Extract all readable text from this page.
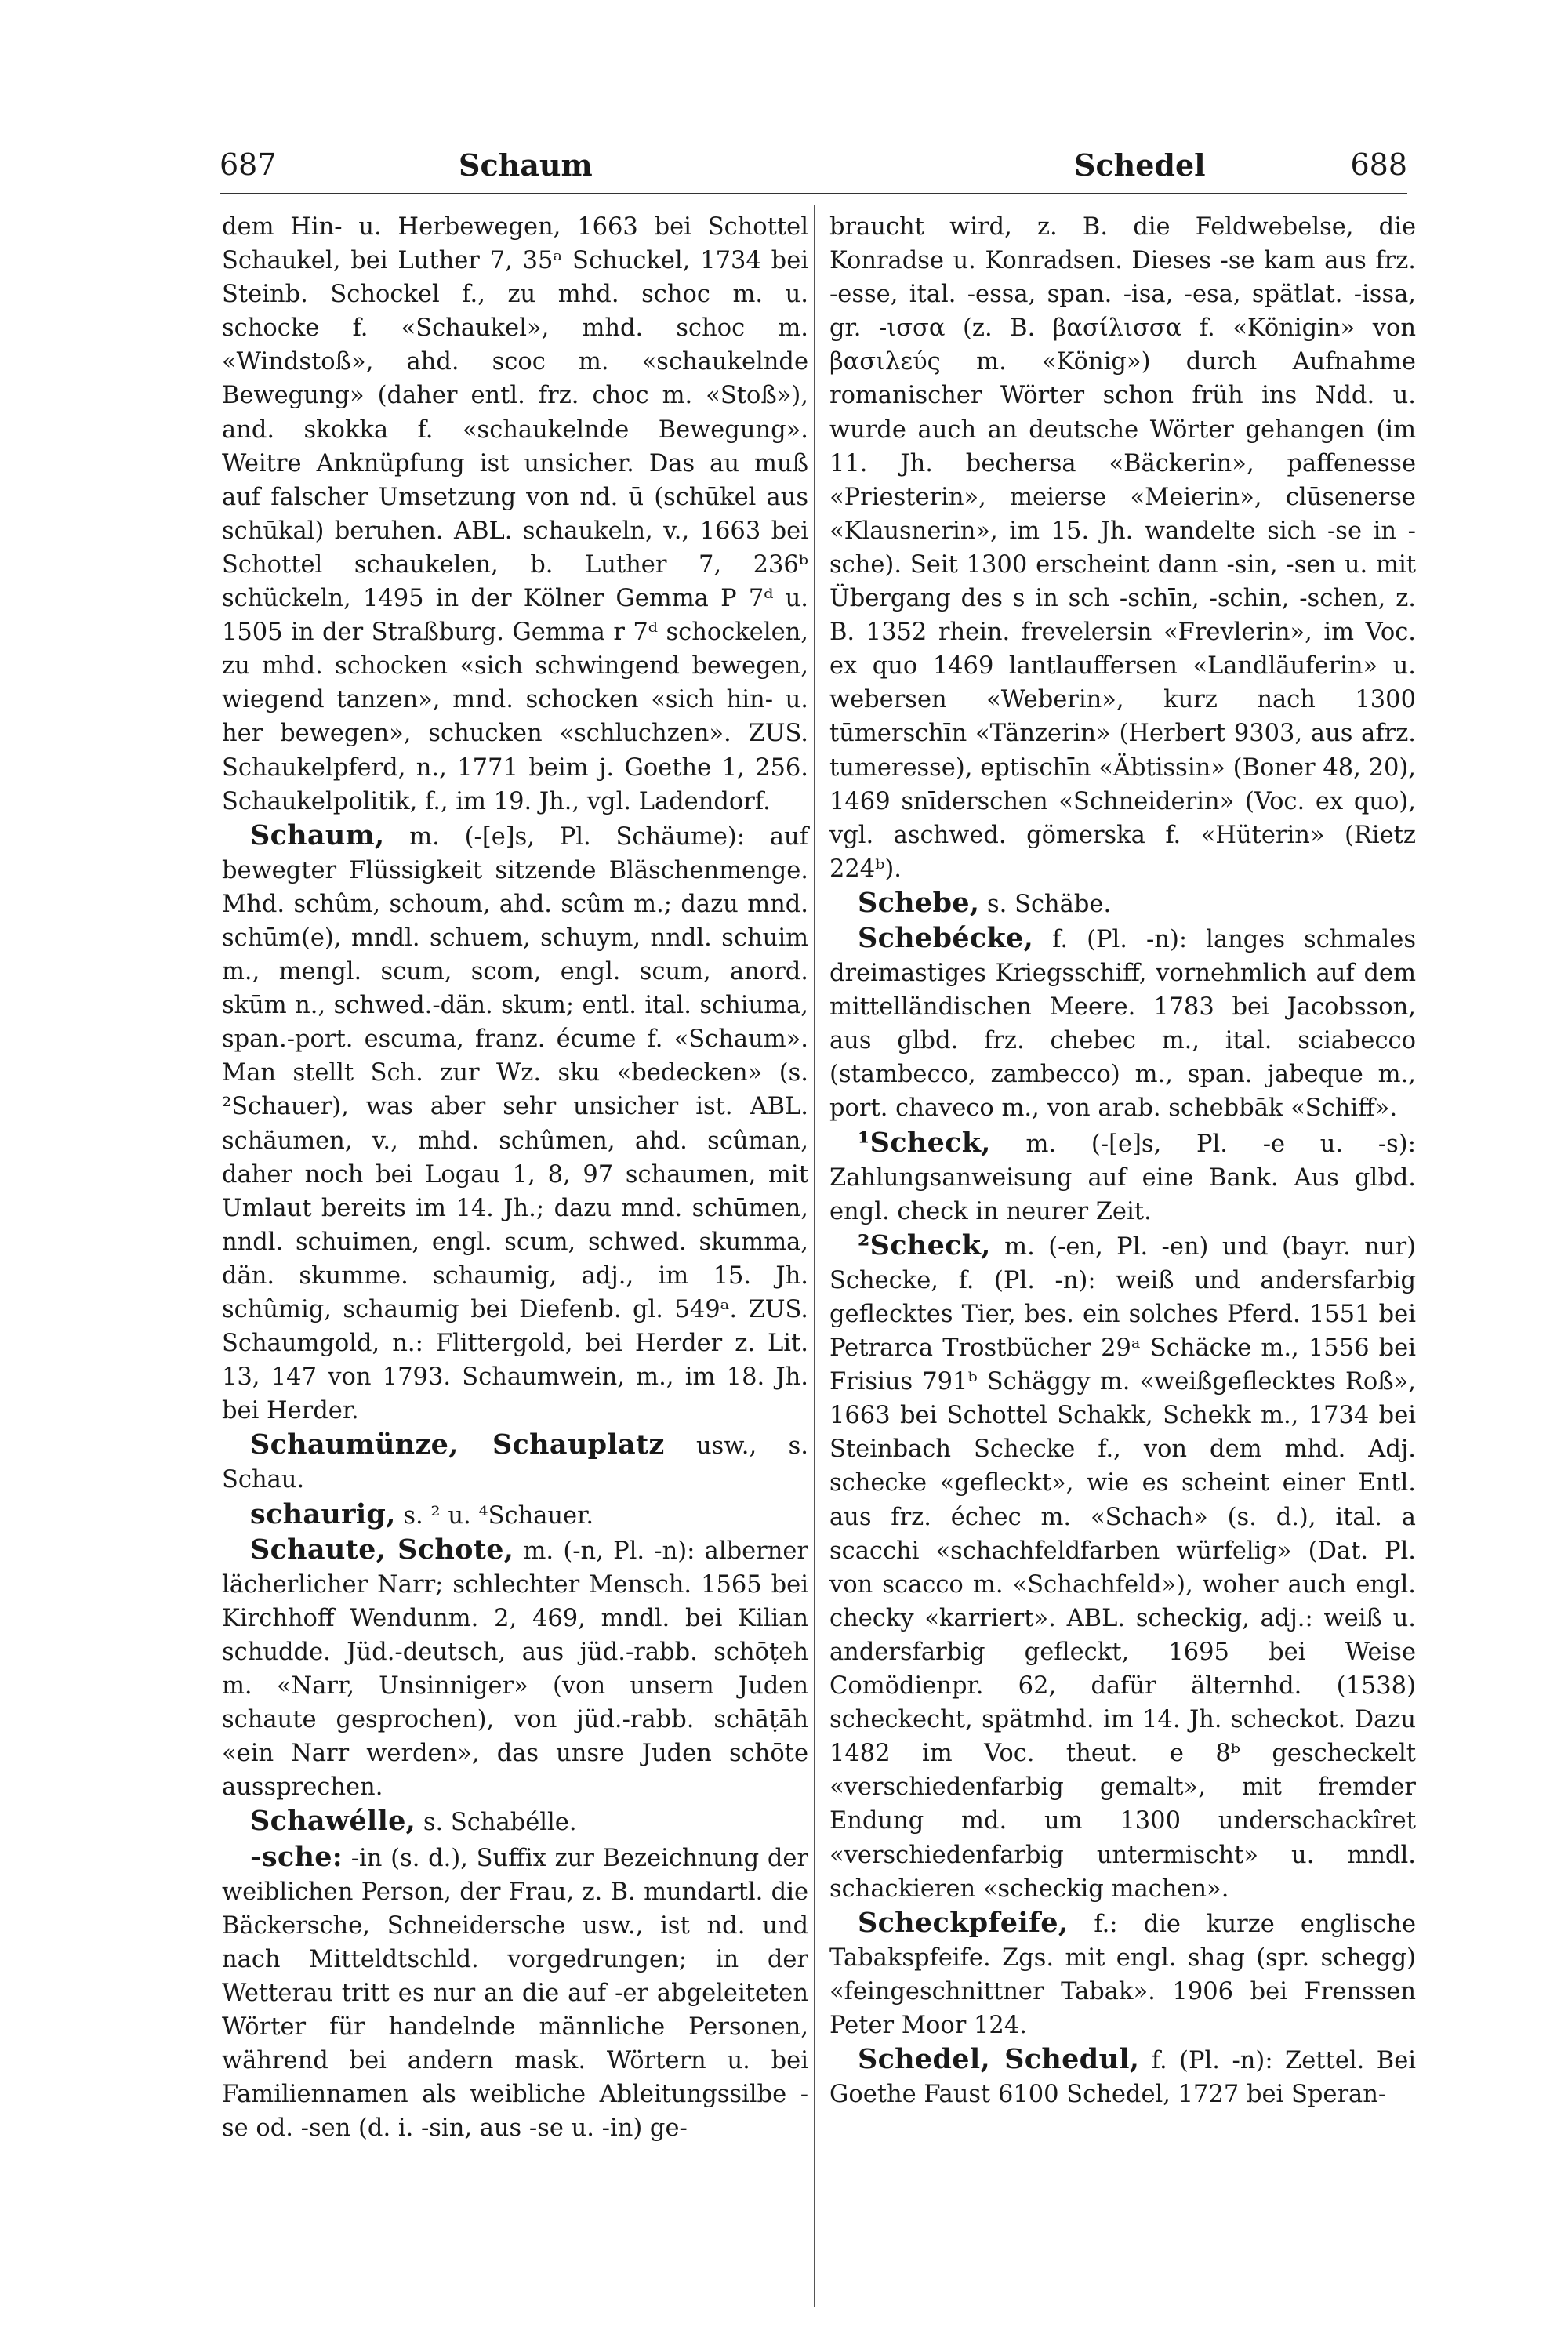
687	Schaum	Schedel	688

dem Hin- u. Herbewegen, 1663 bei Schottel Schaukel, bei Luther 7, 35ᵃ Schuckel, 1734 bei Steinb. Schockel f., zu mhd. schoc m. u. schocke f. «Schaukel», mhd. schoc m. «Windstoß», ahd. scoc m. «schaukelnde Bewegung» (daher entl. frz. choc m. «Stoß»), and. skokka f. «schaukelnde Bewegung». Weitre Anknüpfung ist unsicher. Das au muß auf falscher Umsetzung von nd. ū (schūkel aus schūkal) beruhen. ABL. schaukeln, v., 1663 bei Schottel schaukelen, b. Luther 7, 236ᵇ schückeln, 1495 in der Kölner Gemma P 7ᵈ u. 1505 in der Straßburg. Gemma r 7ᵈ schockelen, zu mhd. schocken «sich schwingend bewegen, wiegend tanzen», mnd. schocken «sich hin- u. her bewegen», schucken «schluchzen». ZUS. Schaukelpferd, n., 1771 beim j. Goethe 1, 256. Schaukelpolitik, f., im 19. Jh., vgl. Ladendorf.

Schaum, m. (-[e]s, Pl. Schäume): auf bewegter Flüssigkeit sitzende Bläschenmenge. Mhd. schûm, schoum, ahd. scûm m.; dazu mnd. schūm(e), mndl. schuem, schuym, nndl. schuim m., mengl. scum, scom, engl. scum, anord. skūm n., schwed.-dän. skum; entl. ital. schiuma, span.-port. escuma, franz. écume f. «Schaum». Man stellt Sch. zur Wz. sku «bedecken» (s. ²Schauer), was aber sehr unsicher ist. ABL. schäumen, v., mhd. schûmen, ahd. scûman, daher noch bei Logau 1, 8, 97 schaumen, mit Umlaut bereits im 14. Jh.; dazu mnd. schūmen, nndl. schuimen, engl. scum, schwed. skumma, dän. skumme. schaumig, adj., im 15. Jh. schûmig, schaumig bei Diefenb. gl. 549ᵃ. ZUS. Schaumgold, n.: Flittergold, bei Herder z. Lit. 13, 147 von 1793. Schaumwein, m., im 18. Jh. bei Herder.

Schaumünze, Schauplatz usw., s. Schau.

schaurig, s. ² u. ⁴Schauer.

Schaute, Schote, m. (-n, Pl. -n): alberner lächerlicher Narr; schlechter Mensch. 1565 bei Kirchhoff Wendunm. 2, 469, mndl. bei Kilian schudde. Jüd.-deutsch, aus jüd.-rabb. schōṭeh m. «Narr, Unsinniger» (von unsern Juden schaute gesprochen), von jüd.-rabb. schāṭāh «ein Narr werden», das unsre Juden schōte aussprechen.

Schawélle, s. Schabélle.

-sche: -in (s. d.), Suffix zur Bezeichnung der weiblichen Person, der Frau, z. B. mundartl. die Bäckersche, Schneidersche usw., ist nd. und nach Mitteldtschld. vorgedrungen; in der Wetterau tritt es nur an die auf -er abgeleiteten Wörter für handelnde männliche Personen, während bei andern mask. Wörtern u. bei Familiennamen als weibliche Ableitungssilbe -se od. -sen (d. i. -sin, aus -se u. -in) ge-

braucht wird, z. B. die Feldwebelse, die Konradse u. Konradsen. Dieses -se kam aus frz. -esse, ital. -essa, span. -isa, -esa, spätlat. -issa, gr. -ισσα (z. B. βασίλισσα f. «Königin» von βασιλεύς m. «König») durch Aufnahme romanischer Wörter schon früh ins Ndd. u. wurde auch an deutsche Wörter gehangen (im 11. Jh. bechersa «Bäckerin», paffenesse «Priesterin», meierse «Meierin», clūsenerse «Klausnerin», im 15. Jh. wandelte sich -se in -sche). Seit 1300 erscheint dann -sin, -sen u. mit Übergang des s in sch -schīn, -schin, -schen, z. B. 1352 rhein. frevelersin «Frevlerin», im Voc. ex quo 1469 lantlauffersen «Landläuferin» u. webersen «Weberin», kurz nach 1300 tūmerschīn «Tänzerin» (Herbert 9303, aus afrz. tumeresse), eptischīn «Äbtissin» (Boner 48, 20), 1469 snīderschen «Schneiderin» (Voc. ex quo), vgl. aschwed. gömerska f. «Hüterin» (Rietz 224ᵇ).

Schebe, s. Schäbe.

Schebécke, f. (Pl. -n): langes schmales dreimastiges Kriegsschiff, vornehmlich auf dem mittelländischen Meere. 1783 bei Jacobsson, aus glbd. frz. chebec m., ital. sciabecco (stambecco, zambecco) m., span. jabeque m., port. chaveco m., von arab. schebbāk «Schiff».

¹Scheck, m. (-[e]s, Pl. -e u. -s): Zahlungsanweisung auf eine Bank. Aus glbd. engl. check in neurer Zeit.

²Scheck, m. (-en, Pl. -en) und (bayr. nur) Schecke, f. (Pl. -n): weiß und andersfarbig geflecktes Tier, bes. ein solches Pferd. 1551 bei Petrarca Trostbücher 29ᵃ Schäcke m., 1556 bei Frisius 791ᵇ Schäggy m. «weißgeflecktes Roß», 1663 bei Schottel Schakk, Schekk m., 1734 bei Steinbach Schecke f., von dem mhd. Adj. schecke «gefleckt», wie es scheint einer Entl. aus frz. échec m. «Schach» (s. d.), ital. a scacchi «schachfeldfarben würfelig» (Dat. Pl. von scacco m. «Schachfeld»), woher auch engl. checky «karriert». ABL. scheckig, adj.: weiß u. andersfarbig gefleckt, 1695 bei Weise Comödienpr. 62, dafür älternhd. (1538) scheckecht, spätmhd. im 14. Jh. scheckot. Dazu 1482 im Voc. theut. e 8ᵇ gescheckelt «verschiedenfarbig gemalt», mit fremder Endung md. um 1300 underschackîret «verschiedenfarbig untermischt» u. mndl. schackieren «scheckig machen».

Scheckpfeife, f.: die kurze englische Tabakspfeife. Zgs. mit engl. shag (spr. schegg) «feingeschnittner Tabak». 1906 bei Frenssen Peter Moor 124.

Schedel, Schedul, f. (Pl. -n): Zettel. Bei Goethe Faust 6100 Schedel, 1727 bei Speran-
